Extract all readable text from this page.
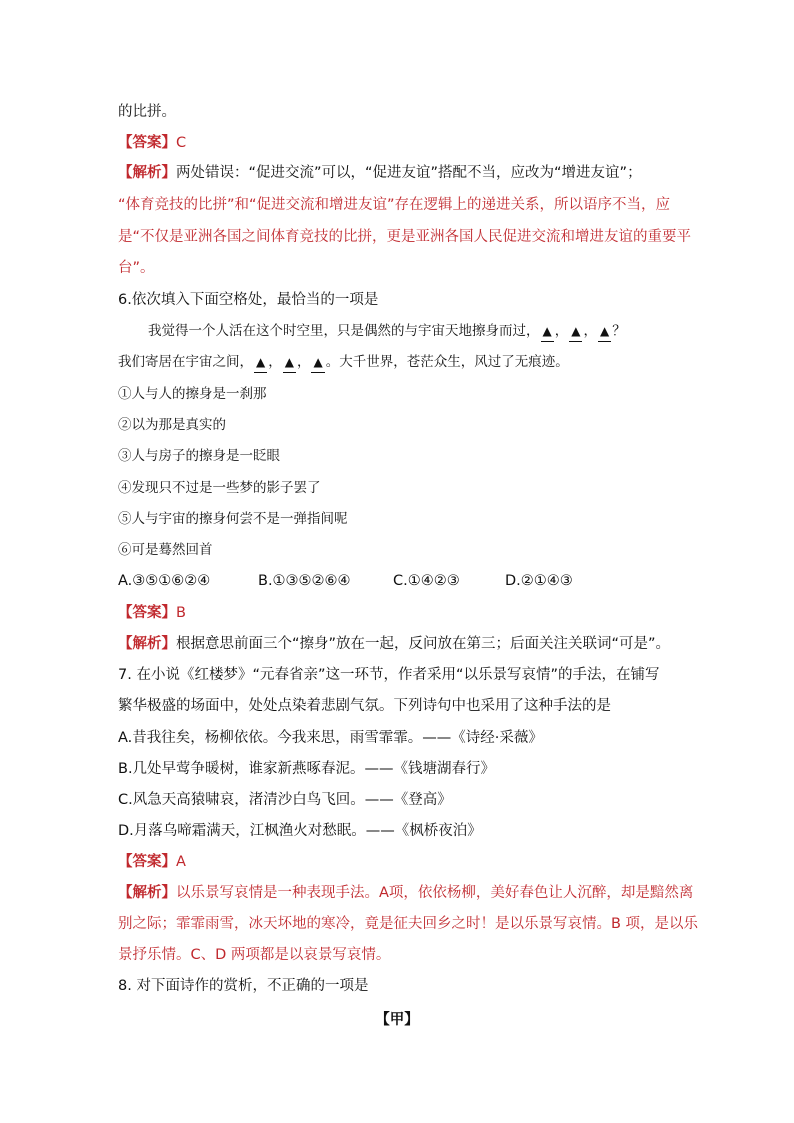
的比拼。
【答案】C
【解析】两处错误：“促进交流”可以，“促进友谊”搭配不当，应改为“增进友谊”；
“体育竞技的比拼”和“促进交流和增进友谊”存在逻辑上的递进关系，所以语序不当，应
是“不仅是亚洲各国之间体育竞技的比拼，更是亚洲各国人民促进交流和增进友谊的重要平
台”。
6.依次填入下面空格处，最恰当的一项是
我觉得一个人活在这个时空里，只是偶然的与宇宙天地擦身而过， ▲ ， ▲ ， ▲ ？
我们寄居在宇宙之间， ▲ ， ▲ ， ▲ 。大千世界，苍茫众生，风过了无痕迹。
①人与人的擦身是一刹那
②以为那是真实的
③人与房子的擦身是一眨眼
④发现只不过是一些梦的影子罢了
⑤人与宇宙的擦身何尝不是一弹指间呢
⑥可是蓦然回首
A.③⑤①⑥②④	B.①③⑤②⑥④	C.①④②③	D.②①④③
【答案】B
【解析】根据意思前面三个“擦身”放在一起，反问放在第三；后面关注关联词“可是”。
7. 在小说《红楼梦》“元春省亲”这一环节，作者采用“以乐景写哀情”的手法，在铺写
繁华极盛的场面中，处处点染着悲剧气氛。下列诗句中也采用了这种手法的是
A.昔我往矣，杨柳依依。今我来思，雨雪霏霏。——《诗经·采薇》
B.几处早莺争暖树，谁家新燕啄春泥。——《钱塘湖春行》
C.风急天高猿啸哀，渚清沙白鸟飞回。——《登高》
D.月落乌啼霜满天，江枫渔火对愁眠。——《枫桥夜泊》
【答案】A
【解析】以乐景写哀情是一种表现手法。A项，依依杨柳，美好春色让人沉醉，却是黯然离
别之际；霏霏雨雪，冰天坏地的寒冷，竟是征夫回乡之时！是以乐景写哀情。B 项，是以乐
景抒乐情。C、D 两项都是以哀景写哀情。
8. 对下面诗作的赏析，不正确的一项是
【甲】
